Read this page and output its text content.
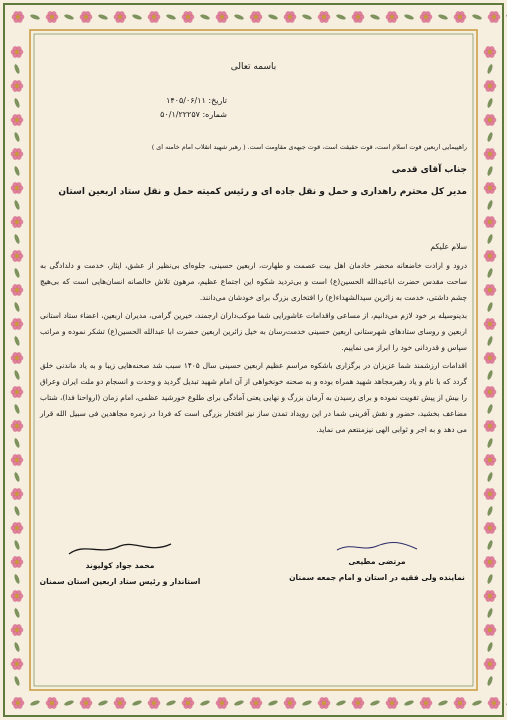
باسمه تعالی
تاریخ: ۱۴۰۵/۰۶/۱۱
شماره: ۵۰/۱/۲۲۲۵۷
راهپیمایی اربعین قوت اسلام است، قوت حقیقت است، قوت جبهه‌ی مقاومت است. ( رهبر شهید انقلاب امام خامنه ای )
جناب آقای قدمی
مدیر کل محترم راهداری و حمل و نقل جاده ای و رئیس کمیته حمل و نقل ستاد اربعین استان
سلام علیکم

درود و ارادت خاضعانه محضر خادمان اهل بیت عصمت و طهارت، اربعین حسینی، جلوه‌ای بی‌نظیر از عشق، ایثار، خدمت و دلدادگی به ساحت مقدس حضرت اباعبدالله الحسین(ع) است و بی‌تردید شکوه این اجتماع عظیم، مرهون تلاش خالصانه انسان‌هایی است که بی‌هیچ چشم داشتی، خدمت به زائرین سیدالشهداء(ع) را افتخاری بزرگ برای خودشان می‌دانند.

بدینوسیله بر خود لازم می‌دانیم، از مساعی واقدامات عاشورایی شما موکب‌داران ارجمند، خیرین گرامی، مدیران اربعین، اعضاء ستاد استانی اربعین و روسای ستادهای شهرستانی اربعین حسینی خدمت‌رسان به خیل زائرین اربعین حضرت ابا عبدالله الحسین(ع) تشکر نموده و مراتب سپاس و قدردانی خود را ابراز می نماییم.

اقدامات ارزشمند شما عزیزان در برگزاری باشکوه مراسم عظیم اربعین حسینی سال ۱۴۰۵ سبب شد صحنه‌هایی زیبا و به یاد ماندنی خلق گردد که با نام و یاد رهبرمجاهد شهید همراه بوده و به صحنه خونخواهی از آن امام شهید تبدیل گردید و وحدت و انسجام دو ملت ایران وعراق را بیش از پیش تقویت نموده و برای رسیدن به آرمان بزرگ و نهایی یعنی آمادگی برای طلوع خورشید عظمی، امام زمان (ارواحنا فدا)، شتاب مضاعف بخشید، حضور و نقش آفرینی شما در این رویداد تمدن ساز نیز افتخار بزرگی است که فردا در زمره مجاهدین فی سبیل الله قرار می دهد و به اجر و ثوابی الهی نیزمنتعم می نماید.

مرتضی مطیعی
نماینده ولی فقیه در استان و امام جمعه سمنان
محمد جواد کولیوند
استاندار و رئیس ستاد اربعین استان سمنان
